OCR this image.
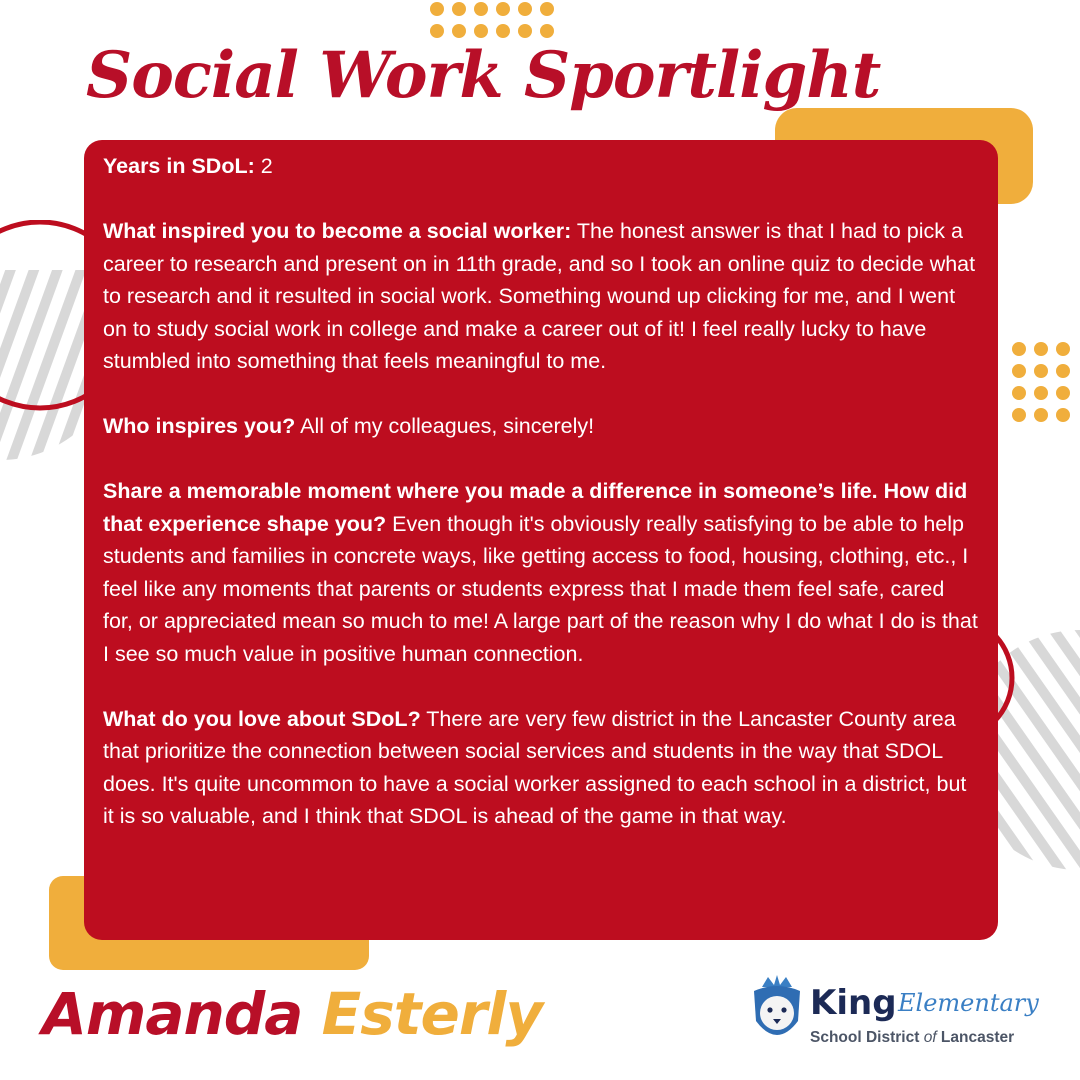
Social Work Sportlight

Years in SDoL: 2

What inspired you to become a social worker: The honest answer is that I had to pick a career to research and present on in 11th grade, and so I took an online quiz to decide what to research and it resulted in social work. Something wound up clicking for me, and I went on to study social work in college and make a career out of it! I feel really lucky to have stumbled into something that feels meaningful to me.

Who inspires you? All of my colleagues, sincerely!

Share a memorable moment where you made a difference in someone’s life. How did that experience shape you? Even though it's obviously really satisfying to be able to help students and families in concrete ways, like getting access to food, housing, clothing, etc., I feel like any moments that parents or students express that I made them feel safe, cared for, or appreciated mean so much to me! A large part of the reason why I do what I do is that I see so much value in positive human connection.

What do you love about SDoL? There are very few district in the Lancaster County area that prioritize the connection between social services and students in the way that SDOL does. It's quite uncommon to have a social worker assigned to each school in a district, but it is so valuable, and I think that SDOL is ahead of the game in that way.

Amanda Esterly	King Elementary
School District of Lancaster
